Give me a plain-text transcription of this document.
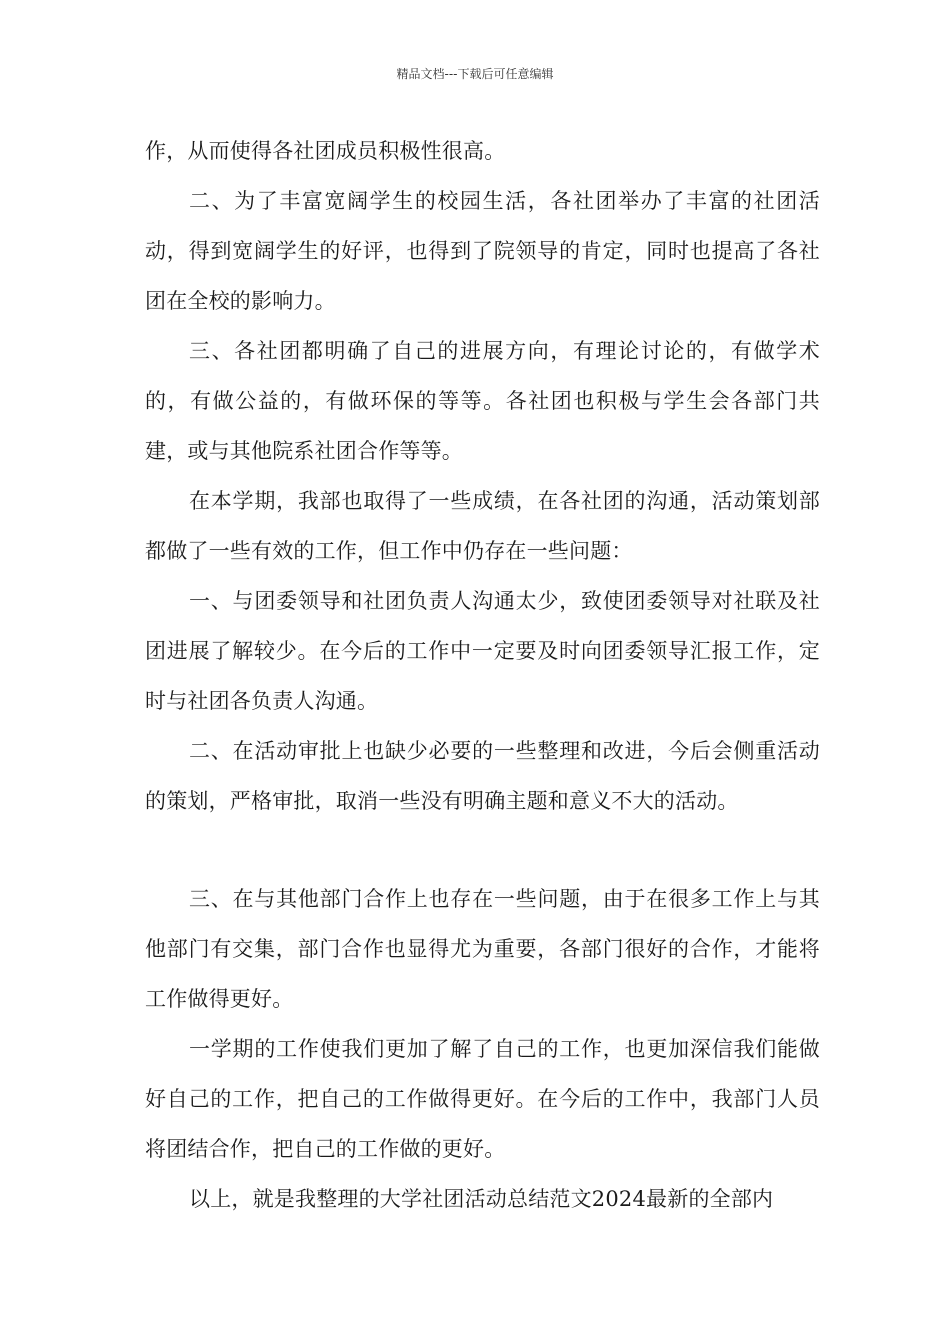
精品文档---下载后可任意编辑

作，从而使得各社团成员积极性很高。

二、为了丰富宽阔学生的校园生活，各社团举办了丰富的社团活动，得到宽阔学生的好评，也得到了院领导的肯定，同时也提高了各社团在全校的影响力。

三、各社团都明确了自己的进展方向，有理论讨论的，有做学术的，有做公益的，有做环保的等等。各社团也积极与学生会各部门共建，或与其他院系社团合作等等。

在本学期，我部也取得了一些成绩，在各社团的沟通，活动策划部都做了一些有效的工作，但工作中仍存在一些问题：

一、与团委领导和社团负责人沟通太少，致使团委领导对社联及社团进展了解较少。在今后的工作中一定要及时向团委领导汇报工作，定时与社团各负责人沟通。

二、在活动审批上也缺少必要的一些整理和改进，今后会侧重活动的策划，严格审批，取消一些没有明确主题和意义不大的活动。

三、在与其他部门合作上也存在一些问题，由于在很多工作上与其他部门有交集，部门合作也显得尤为重要，各部门很好的合作，才能将工作做得更好。

一学期的工作使我们更加了解了自己的工作，也更加深信我们能做好自己的工作，把自己的工作做得更好。在今后的工作中，我部门人员将团结合作，把自己的工作做的更好。

以上，就是我整理的大学社团活动总结范文2024最新的全部内
